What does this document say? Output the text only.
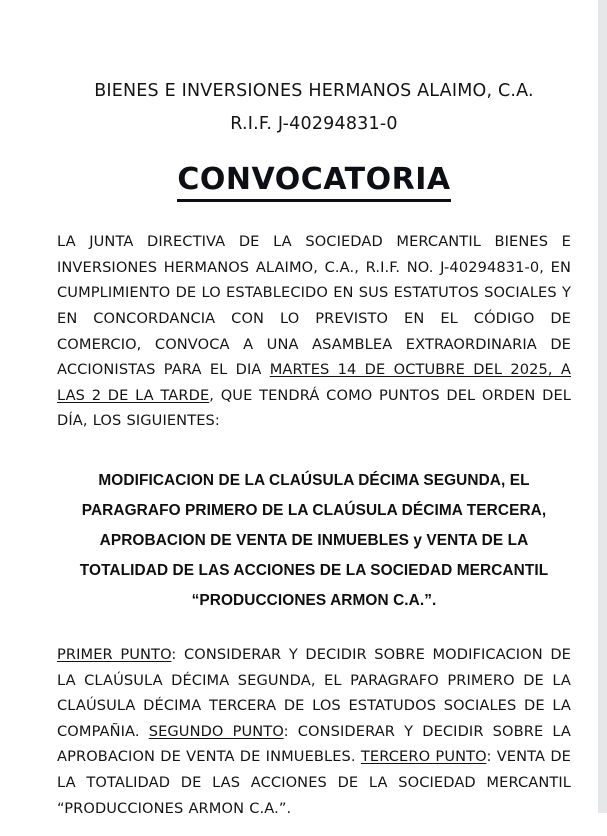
BIENES E INVERSIONES HERMANOS ALAIMO, C.A.
R.I.F. J-40294831-0
CONVOCATORIA

LA JUNTA DIRECTIVA DE LA SOCIEDAD MERCANTIL BIENES E INVERSIONES HERMANOS ALAIMO, C.A., R.I.F. NO. J-40294831-0, EN CUMPLIMIENTO DE LO ESTABLECIDO EN SUS ESTATUTOS SOCIALES Y EN CONCORDANCIA CON LO PREVISTO EN EL CÓDIGO DE COMERCIO, CONVOCA A UNA ASAMBLEA EXTRAORDINARIA DE ACCIONISTAS PARA EL DIA MARTES 14 DE OCTUBRE DEL 2025, A LAS 2 DE LA TARDE, QUE TENDRÁ COMO PUNTOS DEL ORDEN DEL DÍA, LOS SIGUIENTES:

MODIFICACION DE LA CLAÚSULA DÉCIMA SEGUNDA, EL
PARAGRAFO PRIMERO DE LA CLAÚSULA DÉCIMA TERCERA,
APROBACION DE VENTA DE INMUEBLES y VENTA DE LA
TOTALIDAD DE LAS ACCIONES DE LA SOCIEDAD MERCANTIL
“PRODUCCIONES ARMON C.A.”.

PRIMER PUNTO: CONSIDERAR Y DECIDIR SOBRE MODIFICACION DE LA CLAÚSULA DÉCIMA SEGUNDA, EL PARAGRAFO PRIMERO DE LA CLAÚSULA DÉCIMA TERCERA DE LOS ESTATUDOS SOCIALES DE LA COMPAÑIA. SEGUNDO PUNTO: CONSIDERAR Y DECIDIR SOBRE LA APROBACION DE VENTA DE INMUEBLES. TERCERO PUNTO: VENTA DE LA TOTALIDAD DE LAS ACCIONES DE LA SOCIEDAD MERCANTIL “PRODUCCIONES ARMON C.A.”.
